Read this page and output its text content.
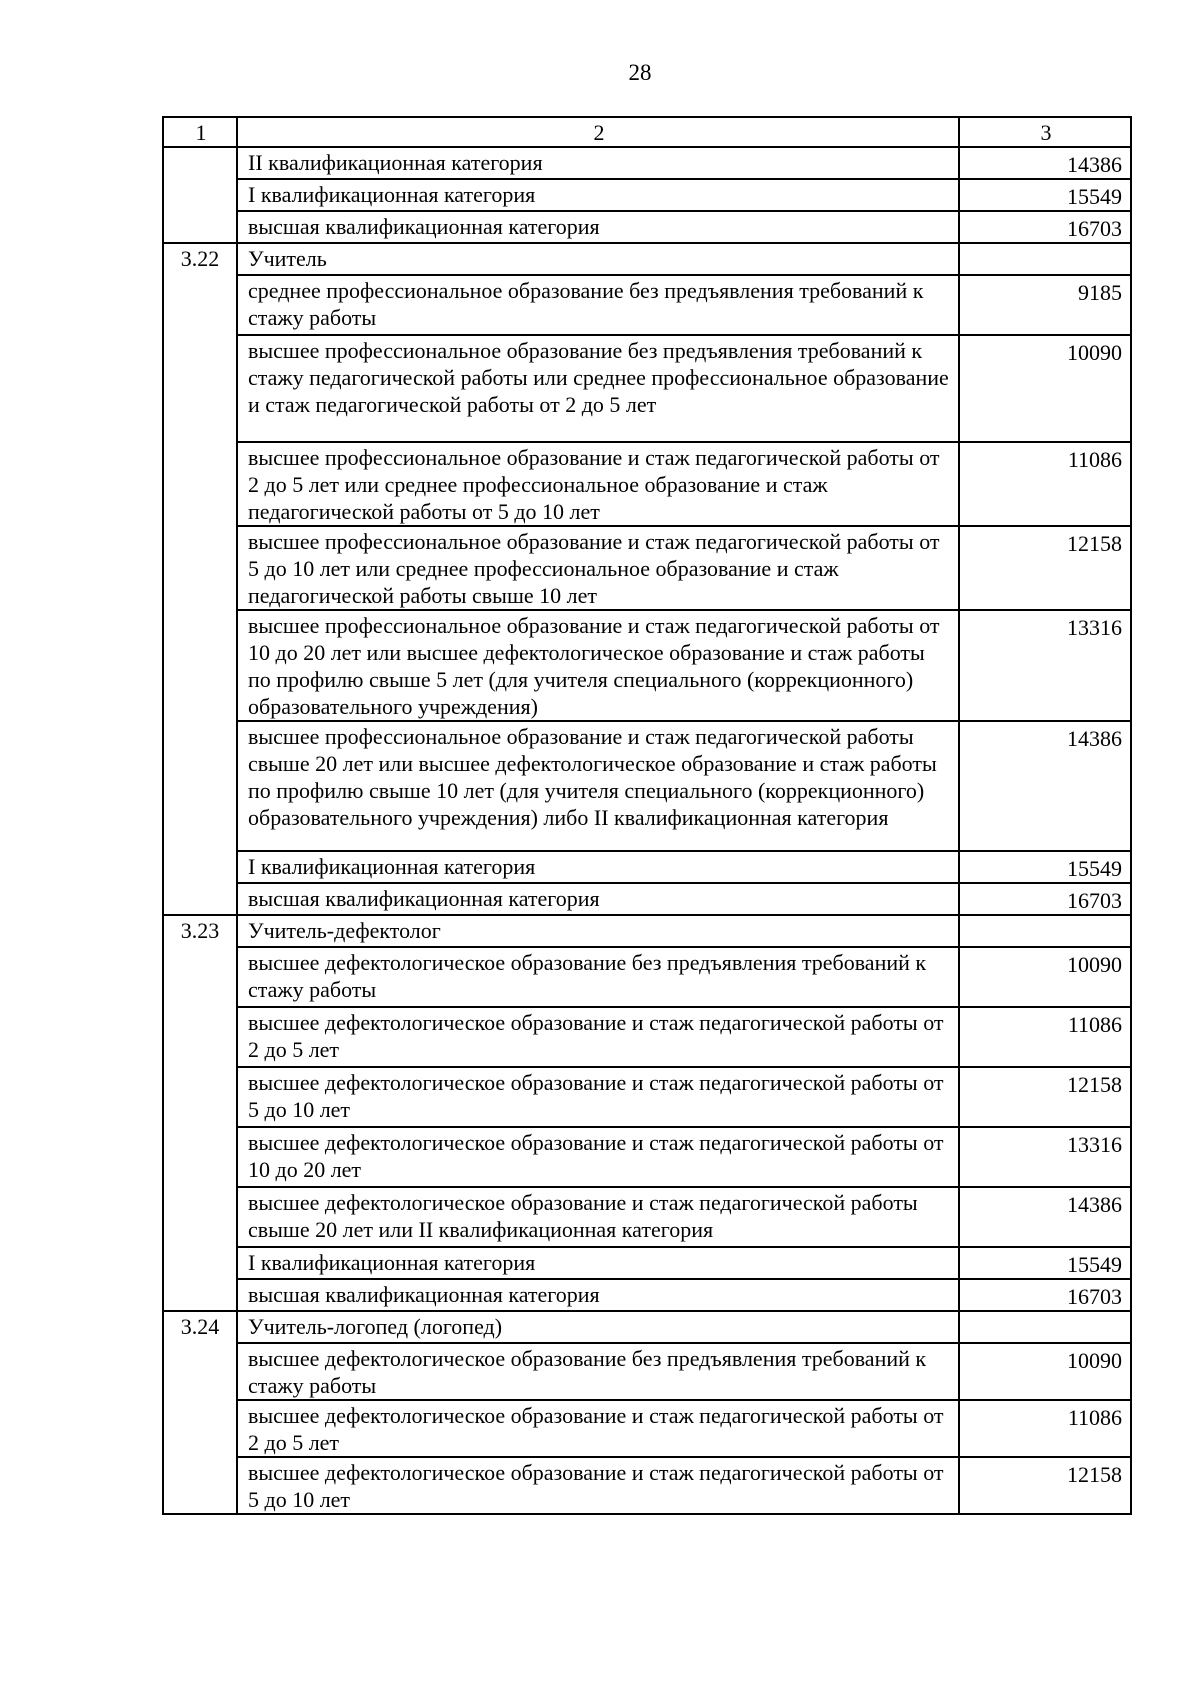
28
1	2	3
	II квалификационная категория	14386
	I квалификационная категория	15549
	высшая квалификационная категория	16703
3.22	Учитель	
	среднее профессиональное образование без предъявления требований к стажу работы	9185
	высшее профессиональное образование без предъявления требований к стажу педагогической работы или среднее профессиональное образование и стаж педагогической работы от 2 до 5 лет	10090
	высшее профессиональное образование и стаж педагогической работы от 2 до 5 лет или среднее профессиональное образование и стаж педагогической работы от 5 до 10 лет	11086
	высшее профессиональное образование и стаж педагогической работы от 5 до 10 лет или среднее профессиональное образование и стаж педагогической работы свыше 10 лет	12158
	высшее профессиональное образование и стаж педагогической работы от 10 до 20 лет или высшее дефектологическое образование и стаж работы по профилю свыше 5 лет (для учителя специального (коррекционного) образовательного учреждения)	13316
	высшее профессиональное образование и стаж педагогической работы свыше 20 лет или высшее дефектологическое образование и стаж работы по профилю свыше 10 лет (для учителя специального (коррекционного) образовательного учреждения) либо II квалификационная категория	14386
	I квалификационная категория	15549
	высшая квалификационная категория	16703
3.23	Учитель-дефектолог	
	высшее дефектологическое образование без предъявления требований к стажу работы	10090
	высшее дефектологическое образование и стаж педагогической работы от 2 до 5 лет	11086
	высшее дефектологическое образование и стаж педагогической работы от 5 до 10 лет	12158
	высшее дефектологическое образование и стаж педагогической работы от 10 до 20 лет	13316
	высшее дефектологическое образование и стаж педагогической работы свыше 20 лет или II квалификационная категория	14386
	I квалификационная категория	15549
	высшая квалификационная категория	16703
3.24	Учитель-логопед (логопед)	
	высшее дефектологическое образование без предъявления требований к стажу работы	10090
	высшее дефектологическое образование и стаж педагогической работы от 2 до 5 лет	11086
	высшее дефектологическое образование и стаж педагогической работы от 5 до 10 лет	12158
